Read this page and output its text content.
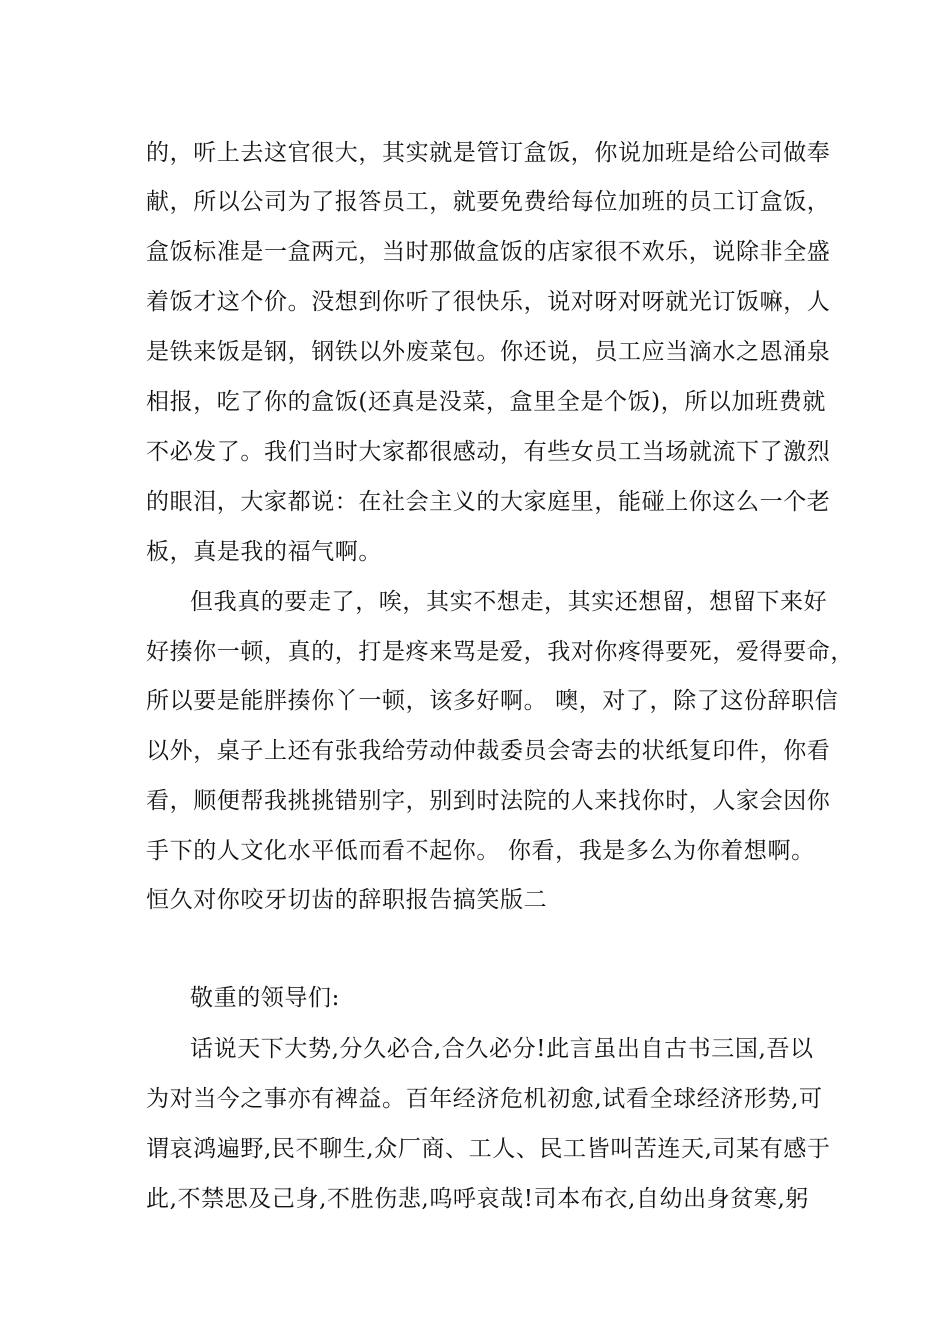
的，听上去这官很大，其实就是管订盒饭，你说加班是给公司做奉
献，所以公司为了报答员工，就要免费给每位加班的员工订盒饭，
盒饭标准是一盒两元，当时那做盒饭的店家很不欢乐，说除非全盛
着饭才这个价。没想到你听了很快乐，说对呀对呀就光订饭嘛，人
是铁来饭是钢，钢铁以外废菜包。你还说，员工应当滴水之恩涌泉
相报，吃了你的盒饭(还真是没菜，盒里全是个饭)，所以加班费就
不必发了。我们当时大家都很感动，有些女员工当场就流下了激烈
的眼泪，大家都说：在社会主义的大家庭里，能碰上你这么一个老
板，真是我的福气啊。
但我真的要走了，唉，其实不想走，其实还想留，想留下来好
好揍你一顿，真的，打是疼来骂是爱，我对你疼得要死，爱得要命，
所以要是能胖揍你丫一顿，该多好啊。 噢，对了，除了这份辞职信
以外，桌子上还有张我给劳动仲裁委员会寄去的状纸复印件，你看
看，顺便帮我挑挑错别字，别到时法院的人来找你时，人家会因你
手下的人文化水平低而看不起你。 你看，我是多么为你着想啊。
恒久对你咬牙切齿的辞职报告搞笑版二
敬重的领导们:
话说天下大势,分久必合,合久必分!此言虽出自古书三国,吾以
为对当今之事亦有裨益。百年经济危机初愈,试看全球经济形势,可
谓哀鸿遍野,民不聊生,众厂商、工人、民工皆叫苦连天,司某有感于
此,不禁思及己身,不胜伤悲,呜呼哀哉!司本布衣,自幼出身贫寒,躬
